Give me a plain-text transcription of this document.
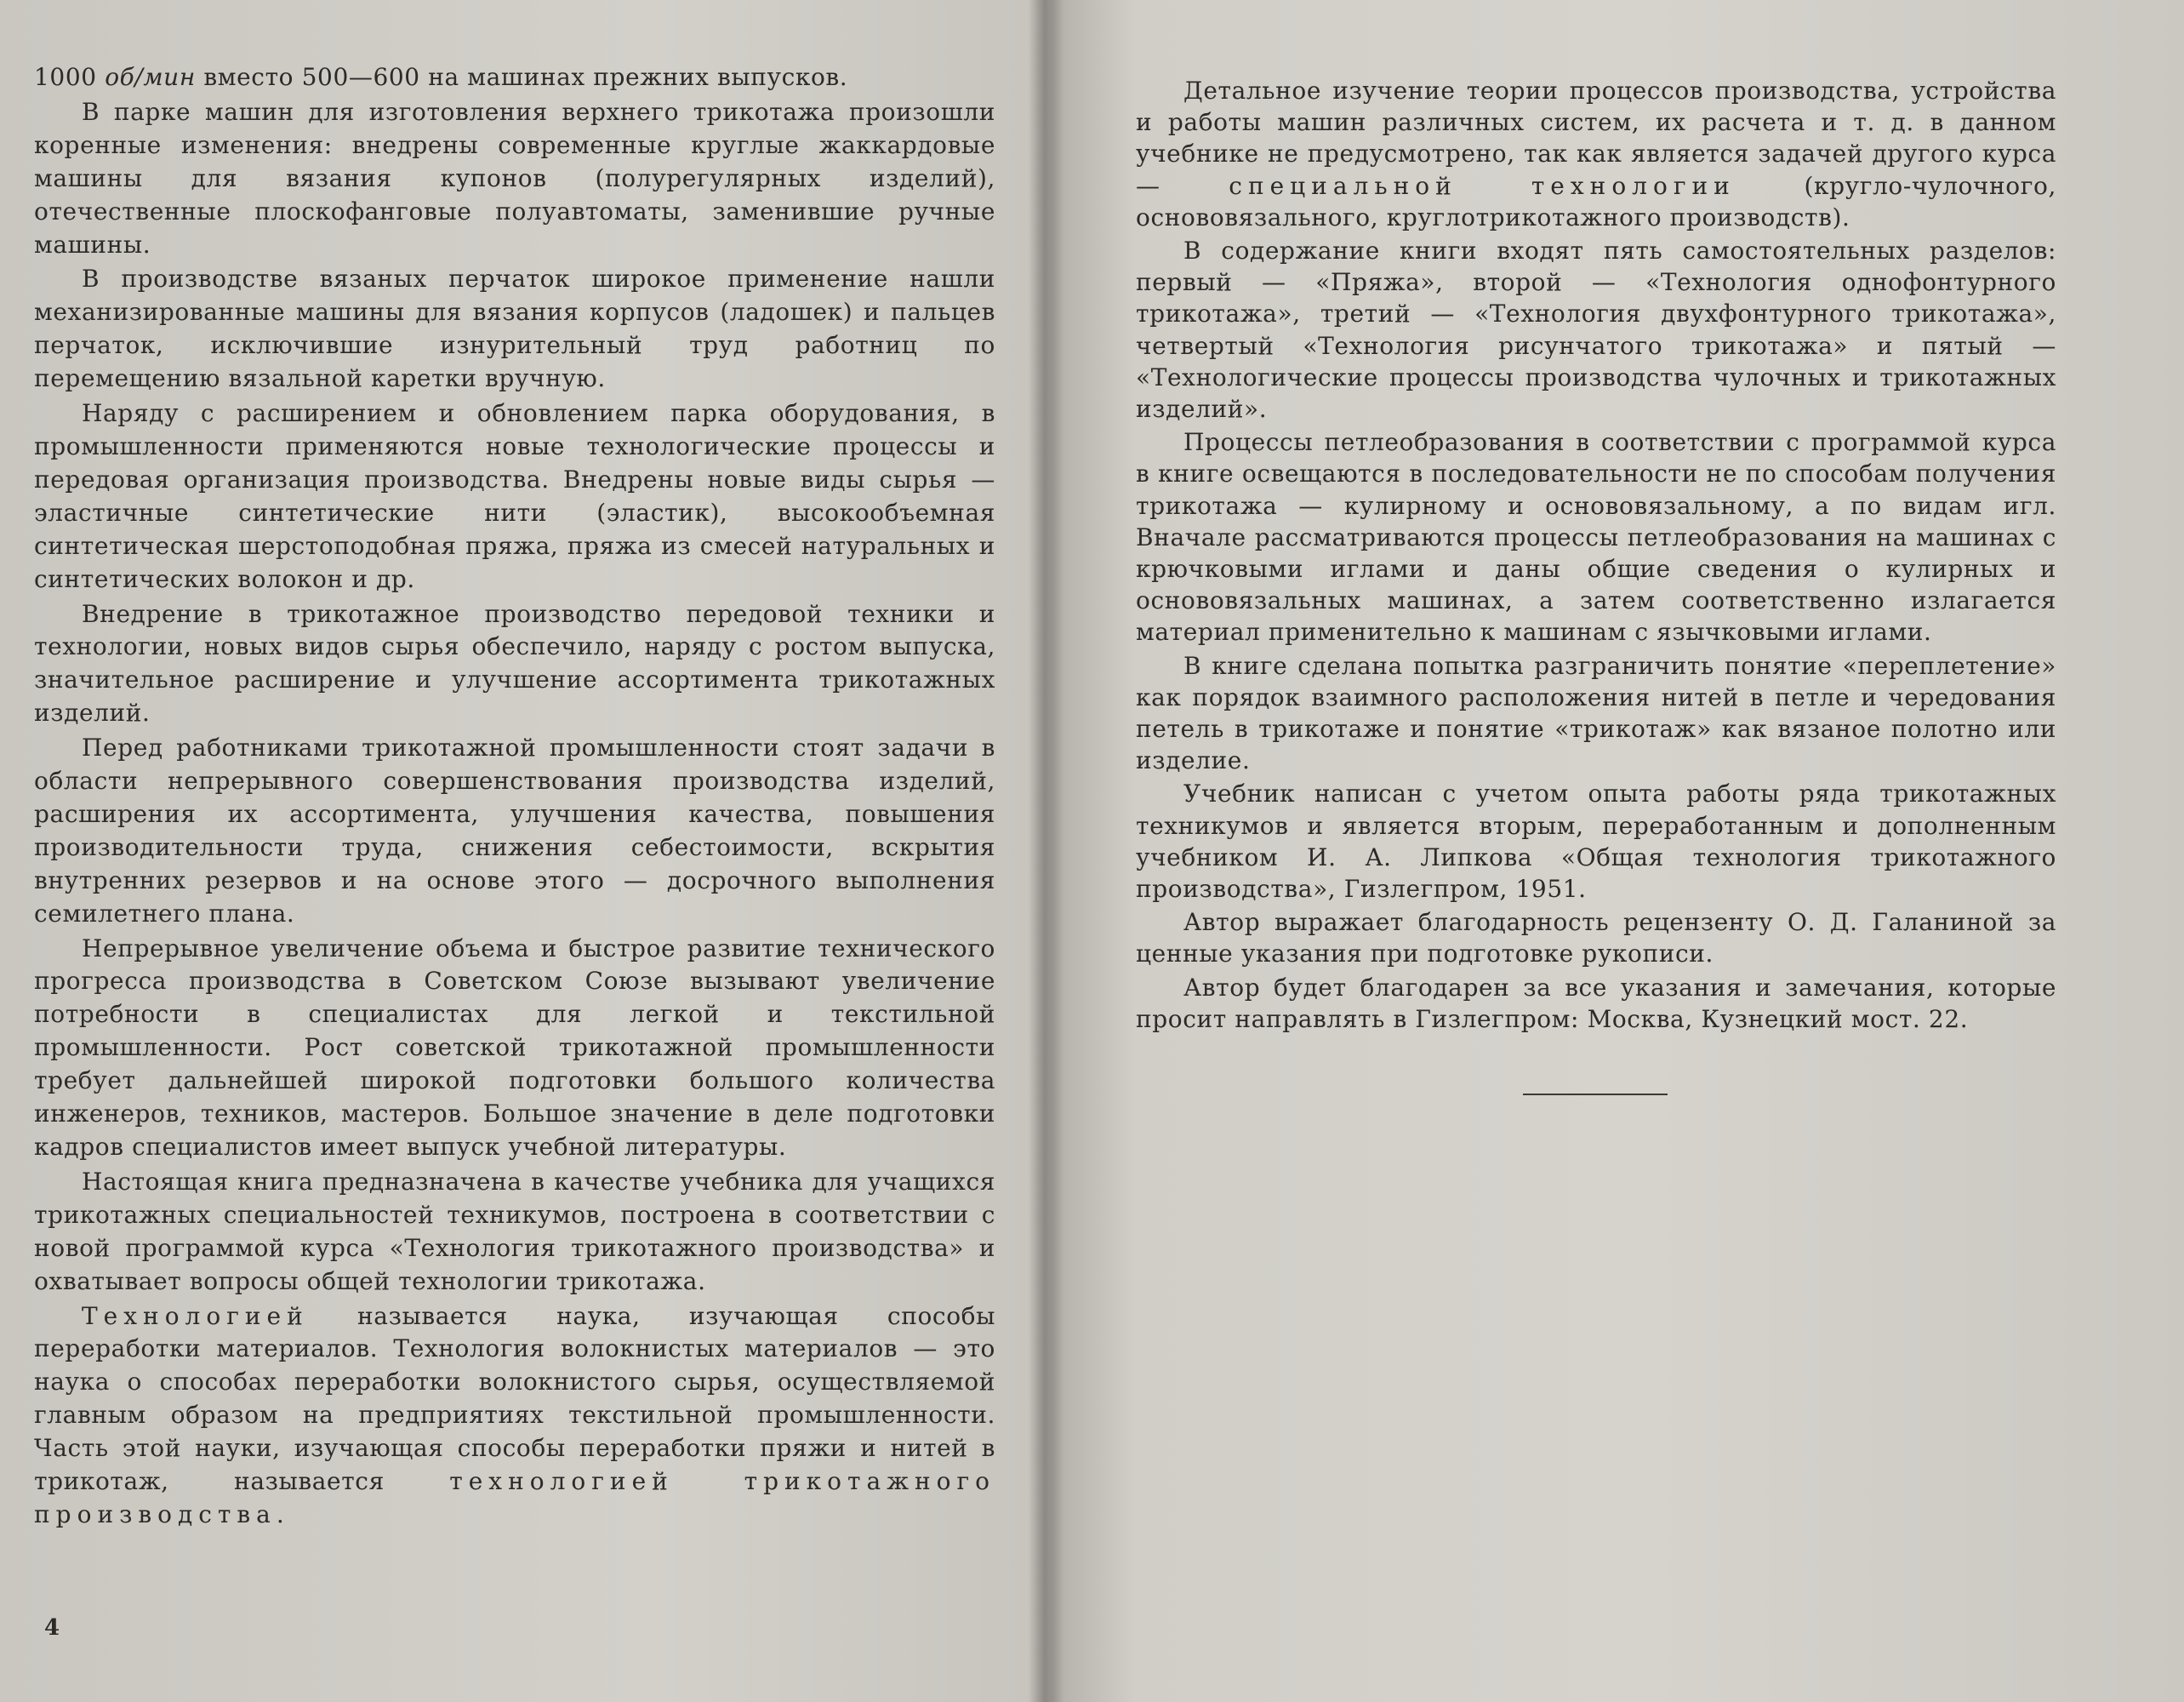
1000 об/мин вместо 500—600 на машинах прежних выпусков.

В парке машин для изготовления верхнего трикотажа произошли коренные изменения: внедрены современные круглые жаккардовые машины для вязания купонов (полурегулярных изделий), отечественные плоскофанговые полуавтоматы, заменившие ручные машины.

В производстве вязаных перчаток широкое применение нашли механизированные машины для вязания корпусов (ладошек) и пальцев перчаток, исключившие изнурительный труд работниц по перемещению вязальной каретки вручную.

Наряду с расширением и обновлением парка оборудования, в промышленности применяются новые технологические процессы и передовая организация производства. Внедрены новые виды сырья — эластичные синтетические нити (эластик), высокообъемная синтетическая шерстоподобная пряжа, пряжа из смесей натуральных и синтетических волокон и др.

Внедрение в трикотажное производство передовой техники и технологии, новых видов сырья обеспечило, наряду с ростом выпуска, значительное расширение и улучшение ассортимента трикотажных изделий.

Перед работниками трикотажной промышленности стоят задачи в области непрерывного совершенствования производства изделий, расширения их ассортимента, улучшения качества, повышения производительности труда, снижения себестоимости, вскрытия внутренних резервов и на основе этого — досрочного выполнения семилетнего плана.

Непрерывное увеличение объема и быстрое развитие технического прогресса производства в Советском Союзе вызывают увеличение потребности в специалистах для легкой и текстильной промышленности. Рост советской трикотажной промышленности требует дальнейшей широкой подготовки большого количества инженеров, техников, мастеров. Большое значение в деле подготовки кадров специалистов имеет выпуск учебной литературы.

Настоящая книга предназначена в качестве учебника для учащихся трикотажных специальностей техникумов, построена в соответствии с новой программой курса «Технология трикотажного производства» и охватывает вопросы общей технологии трикотажа.

Технологией называется наука, изучающая способы переработки материалов. Технология волокнистых материалов — это наука о способах переработки волокнистого сырья, осуществляемой главным образом на предприятиях текстильной промышленности. Часть этой науки, изучающая способы переработки пряжи и нитей в трикотаж, называется технологией трикотажного производства.

4

Детальное изучение теории процессов производства, устройства и работы машин различных систем, их расчета и т. д. в данном учебнике не предусмотрено, так как является задачей другого курса — специальной технологии (кругло-чулочного, основовязального, круглотрикотажного производств).

В содержание книги входят пять самостоятельных разделов: первый — «Пряжа», второй — «Технология однофонтурного трикотажа», третий — «Технология двухфонтурного трикотажа», четвертый «Технология рисунчатого трикотажа» и пятый — «Технологические процессы производства чулочных и трикотажных изделий».

Процессы петлеобразования в соответствии с программой курса в книге освещаются в последовательности не по способам получения трикотажа — кулирному и основовязальному, а по видам игл. Вначале рассматриваются процессы петлеобразования на машинах с крючковыми иглами и даны общие сведения о кулирных и основовязальных машинах, а затем соответственно излагается материал применительно к машинам с язычковыми иглами.

В книге сделана попытка разграничить понятие «переплетение» как порядок взаимного расположения нитей в петле и чередования петель в трикотаже и понятие «трикотаж» как вязаное полотно или изделие.

Учебник написан с учетом опыта работы ряда трикотажных техникумов и является вторым, переработанным и дополненным учебником И. А. Липкова «Общая технология трикотажного производства», Гизлегпром, 1951.

Автор выражает благодарность рецензенту О. Д. Галаниной за ценные указания при подготовке рукописи.

Автор будет благодарен за все указания и замечания, которые просит направлять в Гизлегпром: Москва, Кузнецкий мост. 22.
